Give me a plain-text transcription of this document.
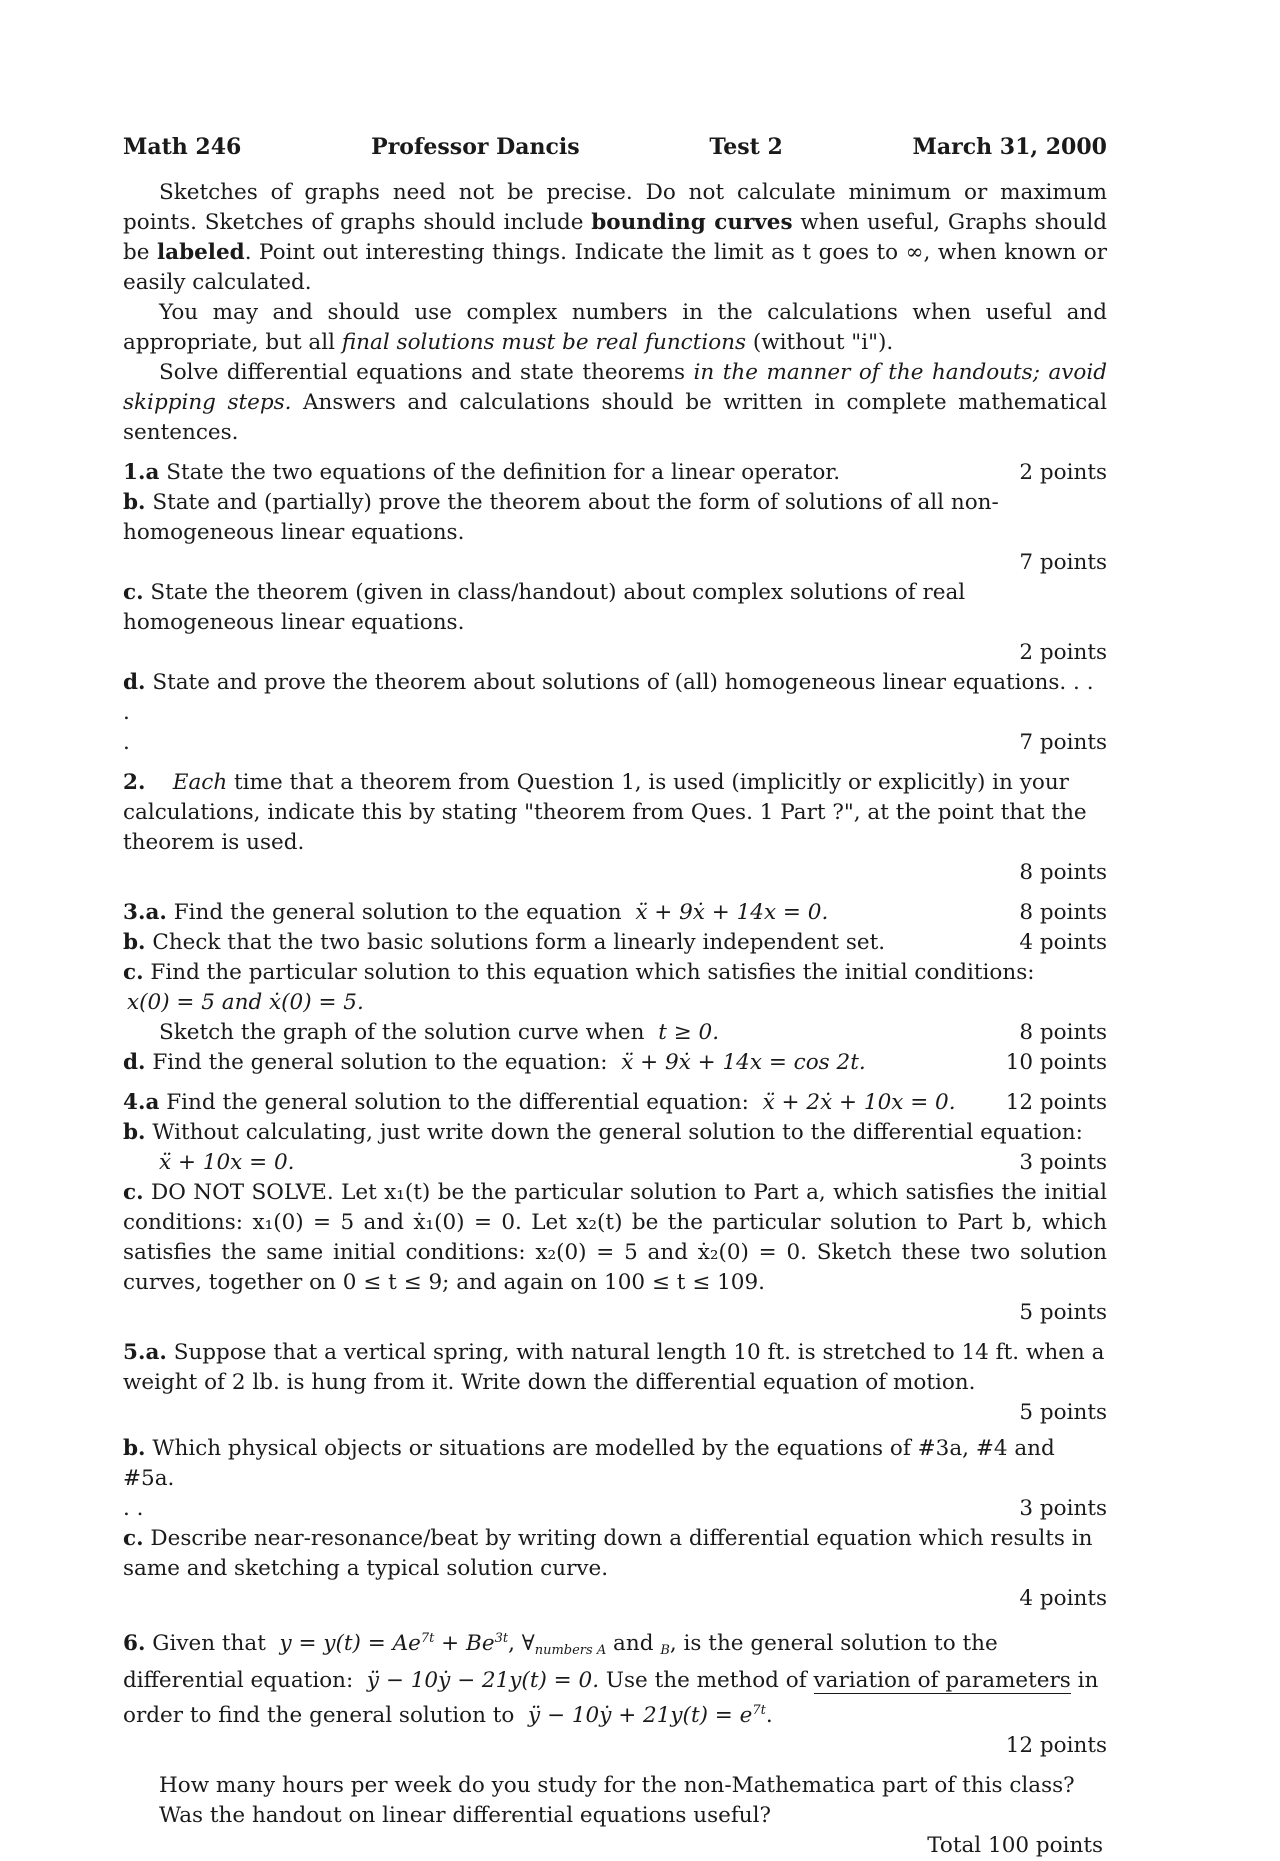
Math 246	Professor Dancis	Test 2	March 31, 2000

Sketches of graphs need not be precise. Do not calculate minimum or maximum points. Sketches of graphs should include bounding curves when useful, Graphs should be labeled. Point out interesting things. Indicate the limit as t goes to ∞, when known or easily calculated.

You may and should use complex numbers in the calculations when useful and appropriate, but all final solutions must be real functions (without "i").

Solve differential equations and state theorems in the manner of the handouts; avoid skipping steps. Answers and calculations should be written in complete mathematical sentences.

1.a State the two equations of the definition for a linear operator.	2 points
b. State and (partially) prove the theorem about the form of solutions of all non-homogeneous linear equations.
7 points
c. State the theorem (given in class/handout) about complex solutions of real homogeneous linear equations.
2 points
d. State and prove the theorem about solutions of (all) homogeneous linear equations. . . .
.	7 points
2. Each time that a theorem from Question 1, is used (implicitly or explicitly) in your calculations, indicate this by stating "theorem from Ques. 1 Part ?", at the point that the theorem is used.
8 points
3.a. Find the general solution to the equation ẍ + 9ẋ + 14x = 0.	8 points
b. Check that the two basic solutions form a linearly independent set.	4 points
c. Find the particular solution to this equation which satisfies the initial conditions:
x(0) = 5 and ẋ(0) = 5.
Sketch the graph of the solution curve when t ≥ 0.	8 points
d. Find the general solution to the equation: ẍ + 9ẋ + 14x = cos 2t.	10 points
4.a Find the general solution to the differential equation: ẍ + 2ẋ + 10x = 0.	12 points
b. Without calculating, just write down the general solution to the differential equation:
ẍ + 10x = 0.	3 points
c. DO NOT SOLVE. Let x₁(t) be the particular solution to Part a, which satisfies the initial conditions: x₁(0) = 5 and ẋ₁(0) = 0. Let x₂(t) be the particular solution to Part b, which satisfies the same initial conditions: x₂(0) = 5 and ẋ₂(0) = 0. Sketch these two solution curves, together on 0 ≤ t ≤ 9; and again on 100 ≤ t ≤ 109.
5 points
5.a. Suppose that a vertical spring, with natural length 10 ft. is stretched to 14 ft. when a weight of 2 lb. is hung from it. Write down the differential equation of motion.
5 points
b. Which physical objects or situations are modelled by the equations of #3a, #4 and #5a.
. .	3 points
c. Describe near-resonance/beat by writing down a differential equation which results in same and sketching a typical solution curve.
4 points
6. Given that $y = y(t) = Ae^{7t} + Be^{3t}$, $\forall_{numbers A}$ and $_B$, is the general solution to the differential equation: ÿ − 10ẏ − 21y(t) = 0. Use the method of variation of parameters in order to find the general solution to ÿ − 10ẏ + $21y(t) = e^{7t}$.
12 points
How many hours per week do you study for the non-Mathematica part of this class?
Was the handout on linear differential equations useful?
Total 100 points
